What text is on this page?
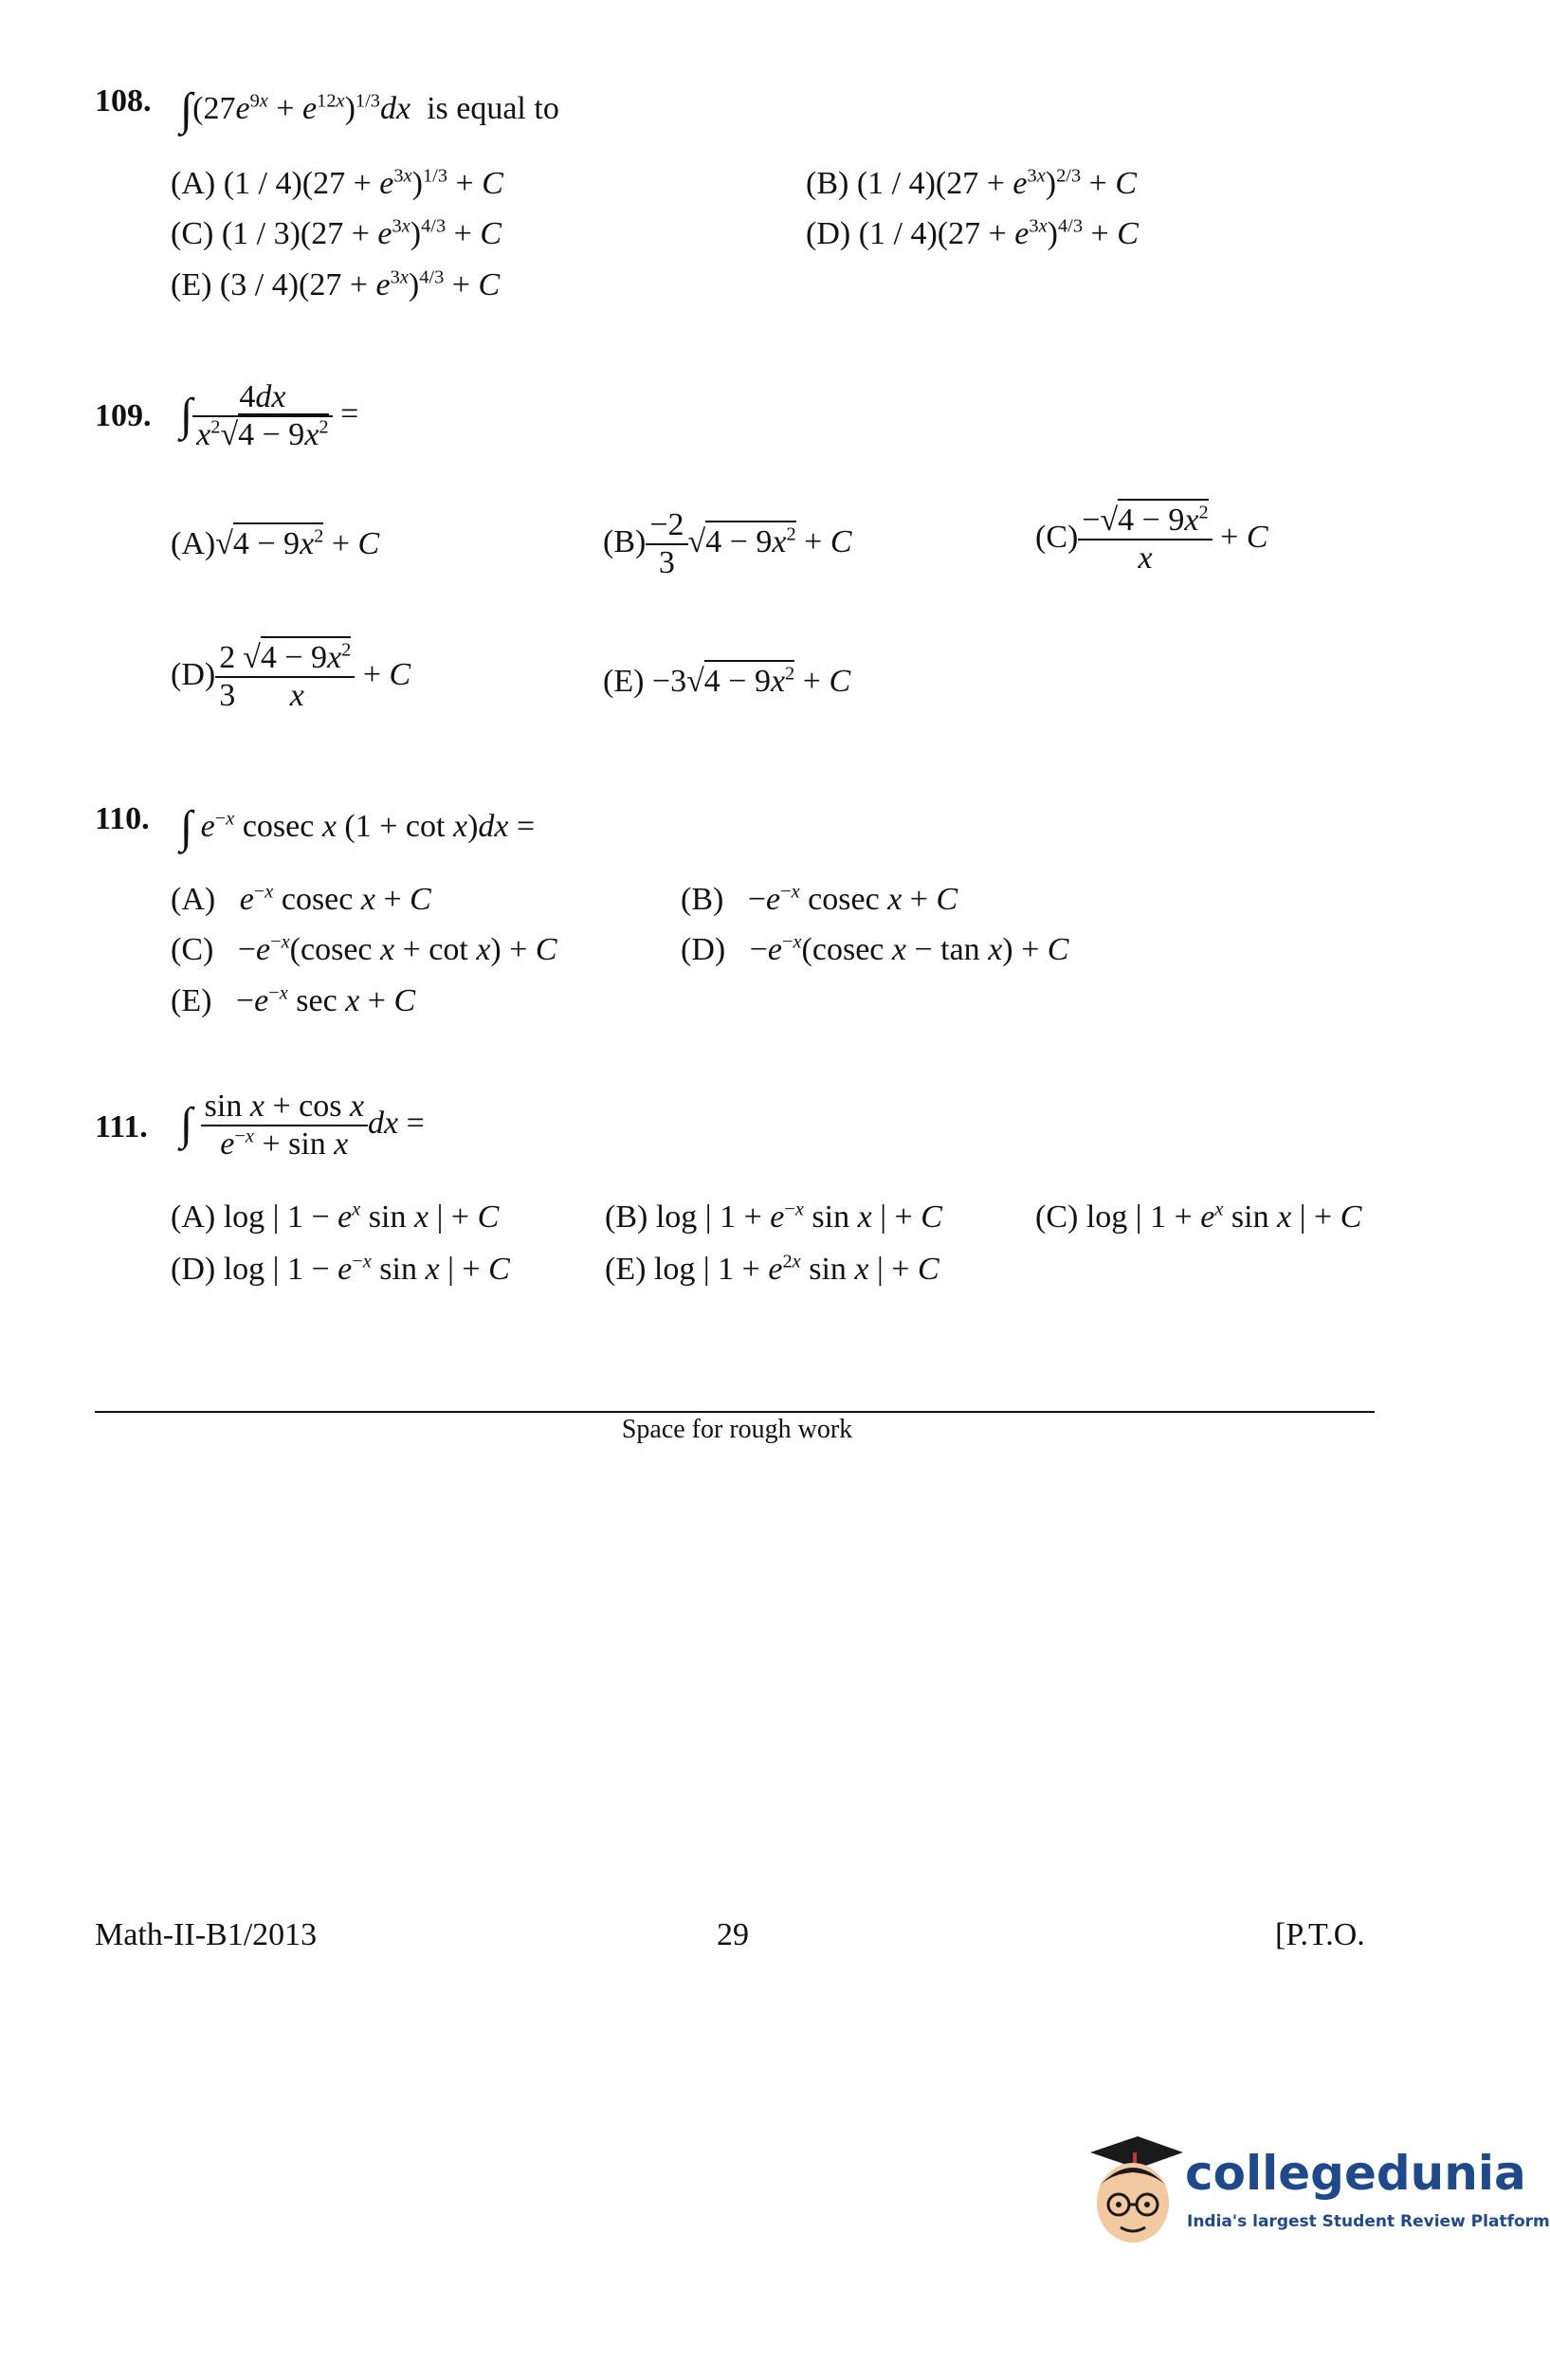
108. $\int(27e^{9x} + e^{12x})^{1/3}dx$ is equal to
(A) $(1 / 4)(27 + e^{3x})^{1/3} + C$	(B) $(1 / 4)(27 + e^{3x})^{2/3} + C$
(C) $(1 / 3)(27 + e^{3x})^{4/3} + C$	(D) $(1 / 4)(27 + e^{3x})^{4/3} + C$
(E) $(3 / 4)(27 + e^{3x})^{4/3} + C$
109. ∫ $\frac{4dx}{x^2√4 - 9x^2}$ =
$(A)√4 - 9x^2 + C$	$(B) \frac{-2}{3} √4 - 9x^2 + C$	$(C) \frac{-√4 - 9x^2}{x} + C$
$(D) \frac{2}{3} \frac{√4 - 9x^2}{x} + C$	$(E) -3√4 - 9x^2 + C$
110. ∫ $e^{-x}$ cosec x (1 + cot x)dx =
(A) $e^{-x}$ cosec x + C	$(B) -e^{-x}$ cosec x + C
$(C) -e^{-x}(cosec$ x + cot x) + C	$(D) -e^{-x}(cosec$ x − tan x) + C
$(E) -e^{-x}$ sec x + C
111. ∫ $\frac{\text{sin x + cos x}}{e^{-x} + \sin x}$ dx =
(A) log | $1 - e^x$ sin x | + C	(B) log | $1 + e^{-x}$ sin x | + C	(C) log | $1 + e^x$ sin x | + C
(D) log | $1 - e^{-x}$ sin x | + C	(E) log | $1 + e^{2x}$ sin x | + C
Space for rough work
Math-II-B1/2013	29	[P.T.O.
collegedunia
India's largest Student Review Platform
